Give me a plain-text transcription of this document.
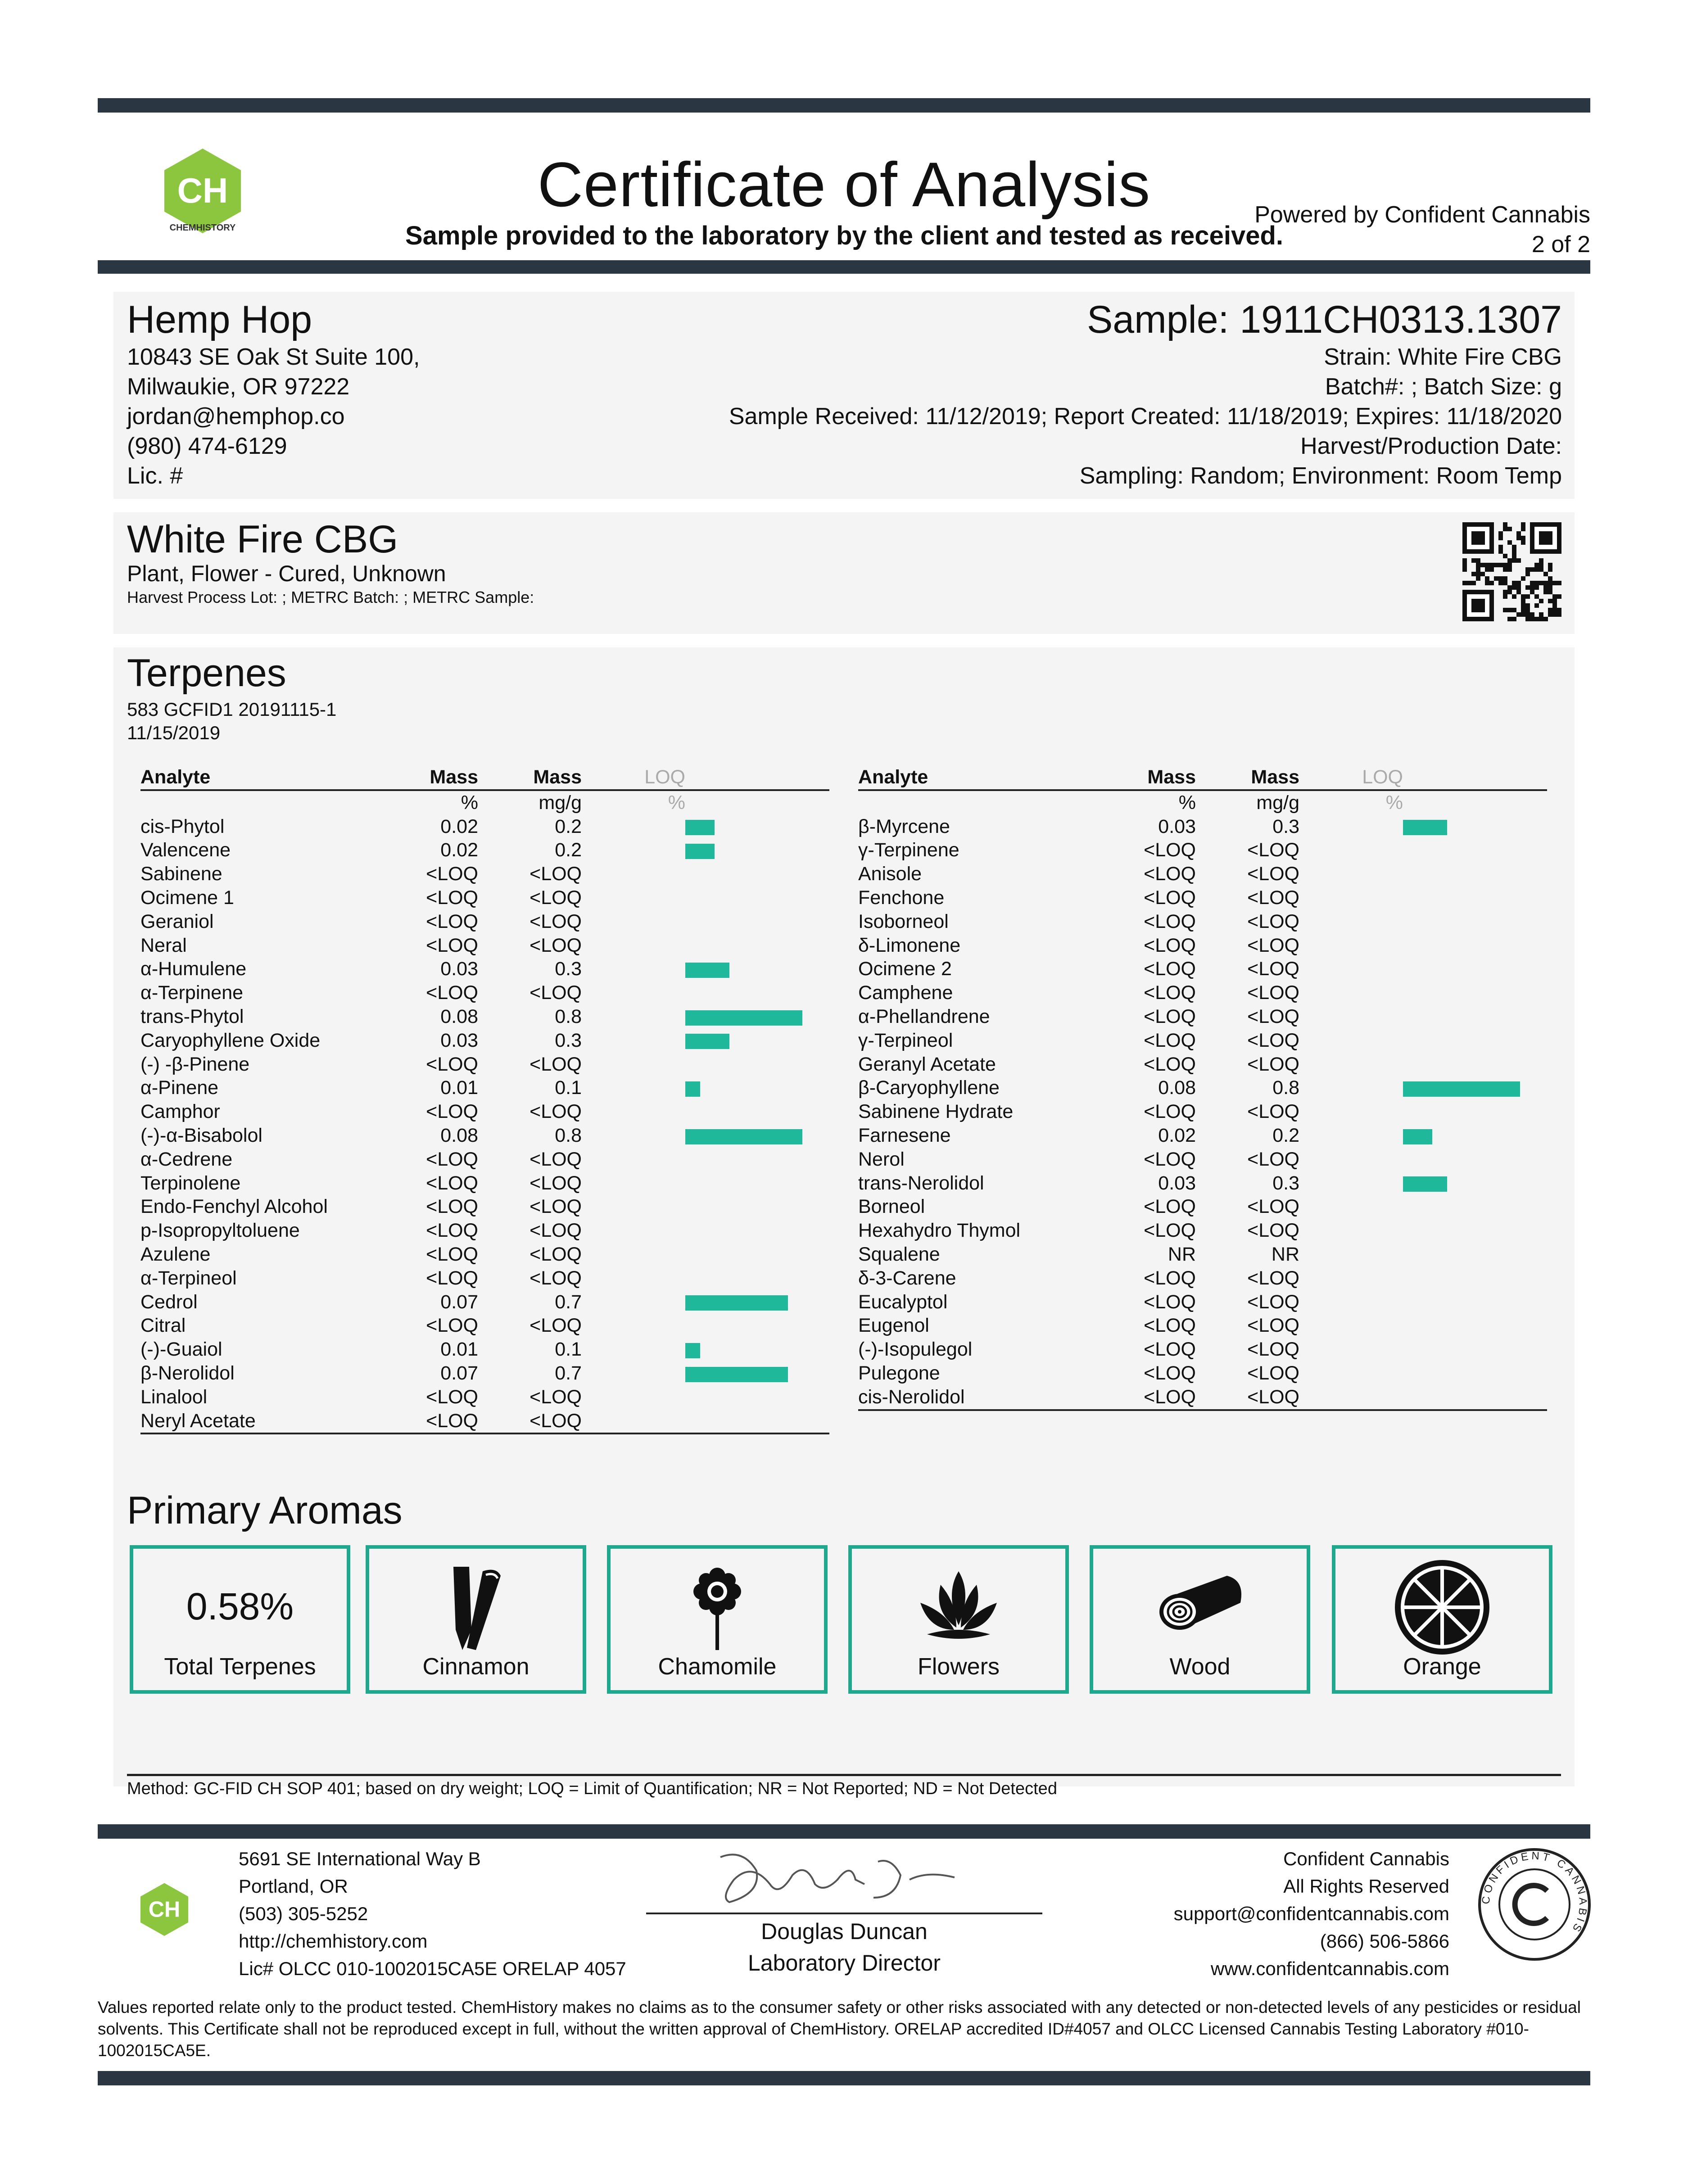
CH
CHEMHISTORY
Certificate of Analysis
Sample provided to the laboratory by the client and tested as received.
Powered by Confident Cannabis
2 of 2
Hemp Hop
10843 SE Oak St Suite 100,
Milwaukie, OR 97222
jordan@hemphop.co
(980) 474-6129
Lic. #
Sample: 1911CH0313.1307
Strain: White Fire CBG
Batch#: ; Batch Size: g
Sample Received: 11/12/2019; Report Created: 11/18/2019; Expires: 11/18/2020
Harvest/Production Date:
Sampling: Random; Environment: Room Temp
White Fire CBG
Plant, Flower - Cured, Unknown
Harvest Process Lot: ; METRC Batch: ; METRC Sample:
Terpenes
583 GCFID1 20191115-1
11/15/2019
Analyte	Mass	Mass	LOQ	
	%	mg/g	%	
cis-Phytol	0.02	0.2		
Valencene	0.02	0.2		
Sabinene	<LOQ	<LOQ		
Ocimene 1	<LOQ	<LOQ		
Geraniol	<LOQ	<LOQ		
Neral	<LOQ	<LOQ		
α-Humulene	0.03	0.3		
α-Terpinene	<LOQ	<LOQ		
trans-Phytol	0.08	0.8		
Caryophyllene Oxide	0.03	0.3		
(-) -β-Pinene	<LOQ	<LOQ		
α-Pinene	0.01	0.1		
Camphor	<LOQ	<LOQ		
(-)-α-Bisabolol	0.08	0.8		
α-Cedrene	<LOQ	<LOQ		
Terpinolene	<LOQ	<LOQ		
Endo-Fenchyl Alcohol	<LOQ	<LOQ		
p-Isopropyltoluene	<LOQ	<LOQ		
Azulene	<LOQ	<LOQ		
α-Terpineol	<LOQ	<LOQ		
Cedrol	0.07	0.7		
Citral	<LOQ	<LOQ		
(-)-Guaiol	0.01	0.1		
β-Nerolidol	0.07	0.7		
Linalool	<LOQ	<LOQ		
Neryl Acetate	<LOQ	<LOQ		
Analyte	Mass	Mass	LOQ	
	%	mg/g	%	
β-Myrcene	0.03	0.3		
γ-Terpinene	<LOQ	<LOQ		
Anisole	<LOQ	<LOQ		
Fenchone	<LOQ	<LOQ		
Isoborneol	<LOQ	<LOQ		
δ-Limonene	<LOQ	<LOQ		
Ocimene 2	<LOQ	<LOQ		
Camphene	<LOQ	<LOQ		
α-Phellandrene	<LOQ	<LOQ		
γ-Terpineol	<LOQ	<LOQ		
Geranyl Acetate	<LOQ	<LOQ		
β-Caryophyllene	0.08	0.8		
Sabinene Hydrate	<LOQ	<LOQ		
Farnesene	0.02	0.2		
Nerol	<LOQ	<LOQ		
trans-Nerolidol	0.03	0.3		
Borneol	<LOQ	<LOQ		
Hexahydro Thymol	<LOQ	<LOQ		
Squalene	NR	NR		
δ-3-Carene	<LOQ	<LOQ		
Eucalyptol	<LOQ	<LOQ		
Eugenol	<LOQ	<LOQ		
(-)-Isopulegol	<LOQ	<LOQ		
Pulegone	<LOQ	<LOQ		
cis-Nerolidol	<LOQ	<LOQ		
Primary Aromas
0.58%
Total Terpenes	Cinnamon	Chamomile	Flowers	Wood	Orange
Method: GC-FID CH SOP 401; based on dry weight; LOQ = Limit of Quantification; NR = Not Reported; ND = Not Detected
CH
5691 SE International Way B
Portland, OR
(503) 305-5252
http://chemhistory.com
Lic# OLCC 010-1002015CA5E ORELAP 4057
Douglas Duncan
Laboratory Director
Confident Cannabis
All Rights Reserved
support@confidentcannabis.com
(866) 506-5866
www.confidentcannabis.com
CONFIDENT CANNABIS
Values reported relate only to the product tested. ChemHistory makes no claims as to the consumer safety or other risks associated with any detected or non-detected levels of any pesticides or residual solvents. This Certificate shall not be reproduced except in full, without the written approval of ChemHistory. ORELAP accredited ID#4057 and OLCC Licensed Cannabis Testing Laboratory #010-1002015CA5E.
